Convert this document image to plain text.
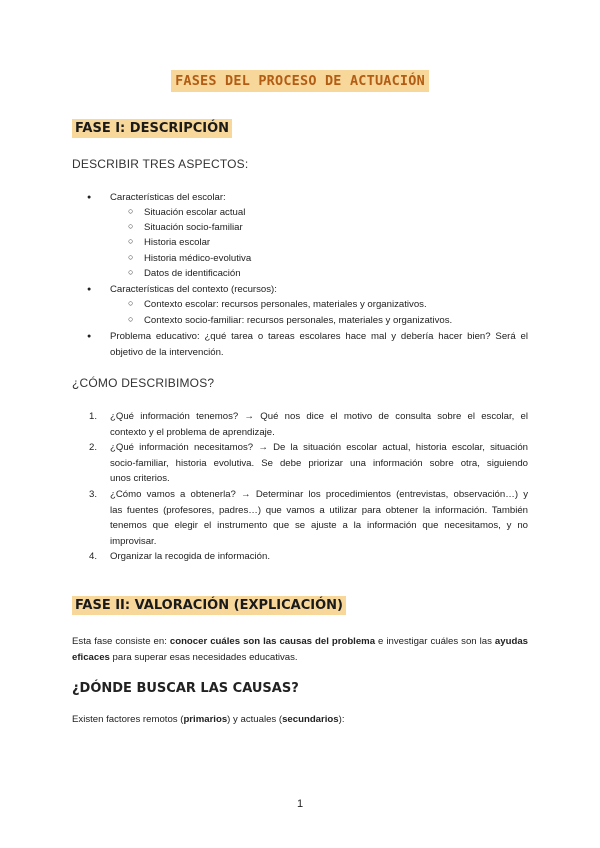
FASES DEL PROCESO DE ACTUACIÓN
FASE I: DESCRIPCIÓN
DESCRIBIR TRES ASPECTOS:
● Características del escolar:
○ Situación escolar actual
○ Situación socio-familiar
○ Historia escolar
○ Historia médico-evolutiva
○ Datos de identificación
● Características del contexto (recursos):
○ Contexto escolar: recursos personales, materiales y organizativos.
○ Contexto socio-familiar: recursos personales, materiales y organizativos.
● Problema educativo: ¿qué tarea o tareas escolares hace mal y debería hacer bien? Será el
objetivo de la intervención.
¿CÓMO DESCRIBIMOS?
1. ¿Qué información tenemos? → Qué nos dice el motivo de consulta sobre el escolar, el
contexto y el problema de aprendizaje.
2. ¿Qué información necesitamos? → De la situación escolar actual, historia escolar, situación
socio-familiar, historia evolutiva. Se debe priorizar una información sobre otra, siguiendo
unos criterios.
3. ¿Cómo vamos a obtenerla? → Determinar los procedimientos (entrevistas, observación…) y
las fuentes (profesores, padres…) que vamos a utilizar para obtener la información. También
tenemos que elegir el instrumento que se ajuste a la información que necesitamos, y no
improvisar.
4. Organizar la recogida de información.
FASE II: VALORACIÓN (EXPLICACIÓN)
Esta fase consiste en: conocer cuáles son las causas del problema e investigar cuáles son las ayudas
eficaces para superar esas necesidades educativas.
¿DÓNDE BUSCAR LAS CAUSAS?
Existen factores remotos (primarios) y actuales (secundarios):
1
